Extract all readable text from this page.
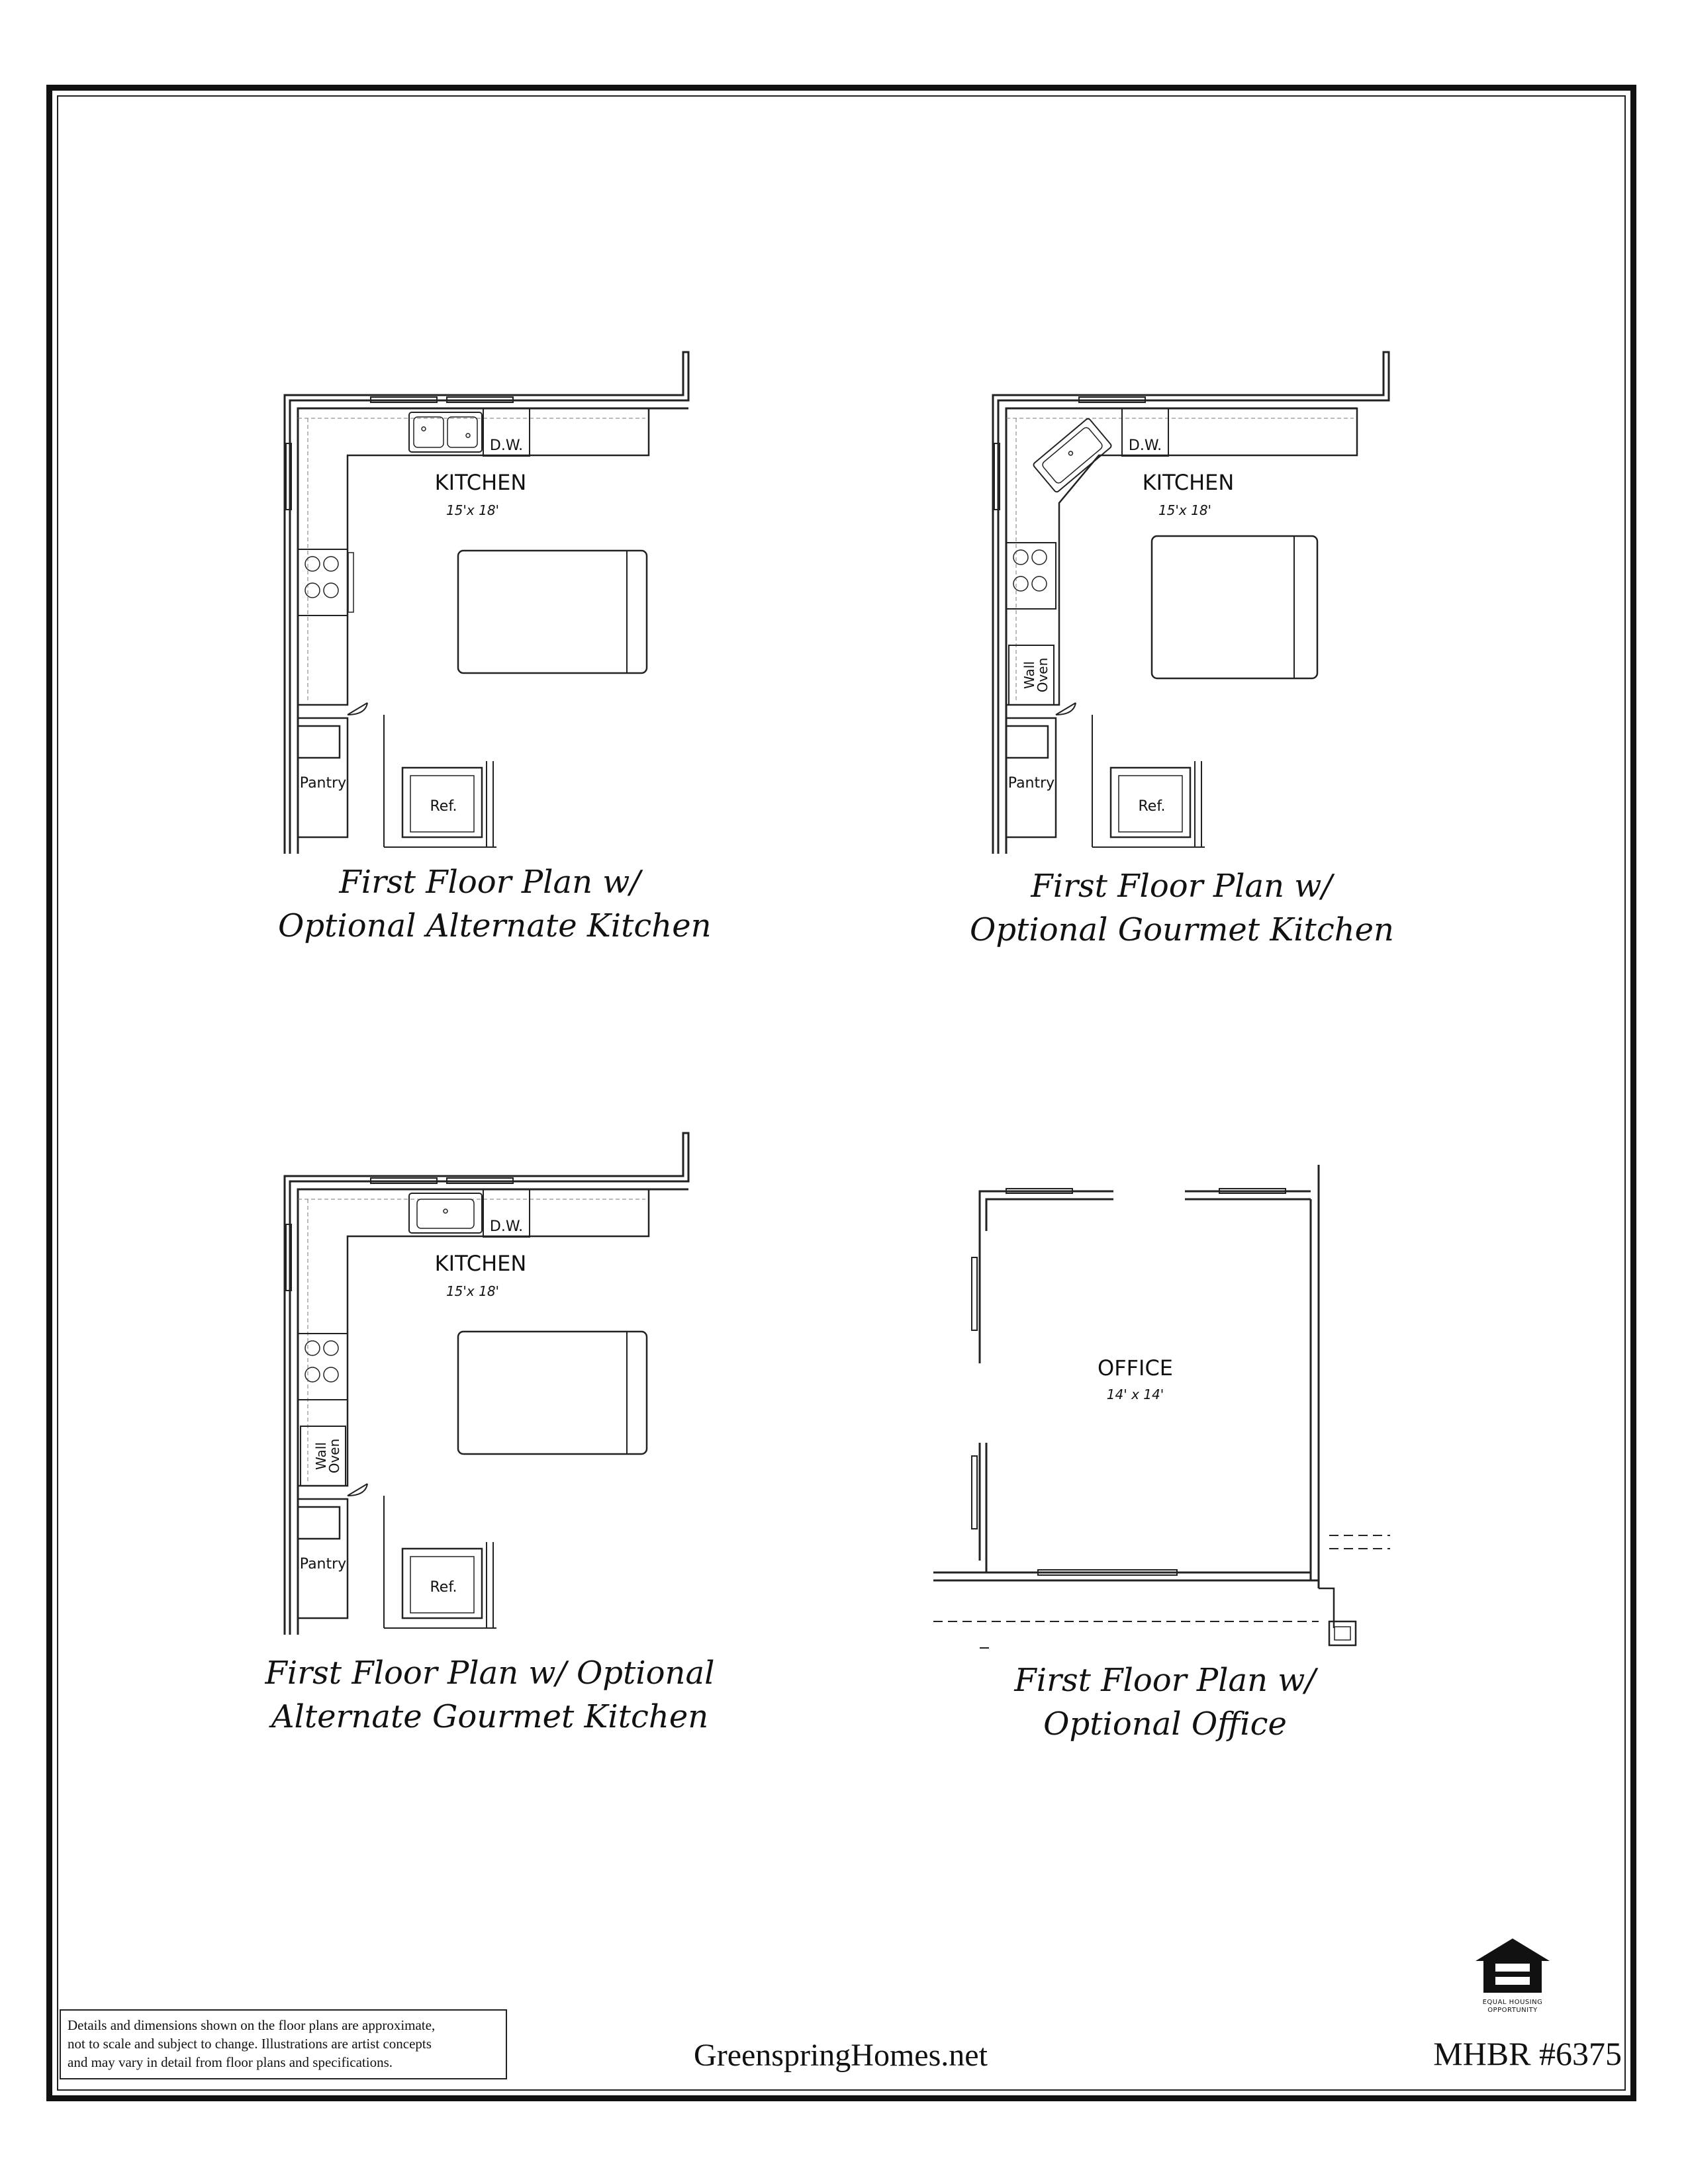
D.W.
KITCHEN
15'x 18'
Pantry
Ref.
First Floor Plan w/
Optional Alternate Kitchen
D.W.
Wall
Oven
KITCHEN
15'x 18'
Pantry
Ref.
First Floor Plan w/
Optional Gourmet Kitchen
D.W.
Wall
Oven
KITCHEN
15'x 18'
Pantry
Ref.
First Floor Plan w/ Optional
Alternate Gourmet Kitchen
OFFICE
14' x 14'
First Floor Plan w/
Optional Office
Details and dimensions shown on the floor plans are approximate,
not to scale and subject to change. Illustrations are artist concepts
and may vary in detail from floor plans and specifications.	GreenspringHomes.net
EQUAL HOUSING
OPPORTUNITY
MHBR #6375
